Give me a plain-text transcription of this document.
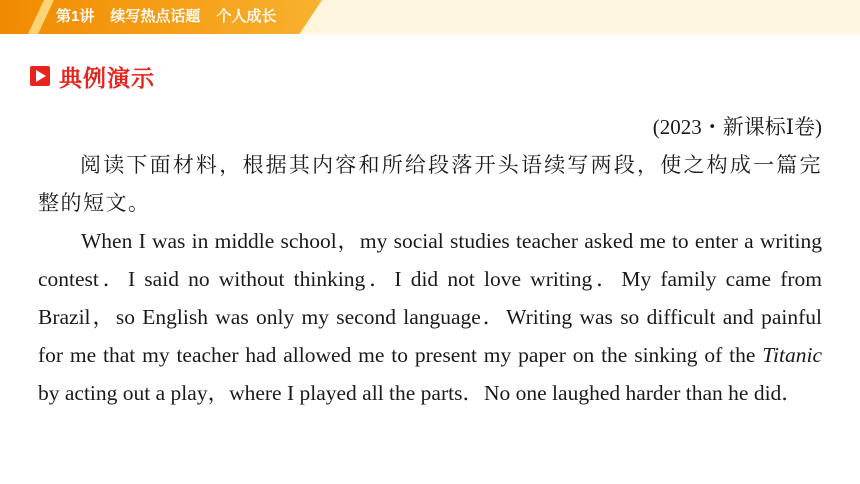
第1讲 续写热点话题 个人成长
典例演示
(2023・新课标Ⅰ卷)

阅读下面材料，根据其内容和所给段落开头语续写两段，使之构成一篇完整的短文。

When I was in middle school，my social studies teacher asked me to enter a writing contest．I said no without thinking．I did not love writing．My family came from Brazil，so English was only my second language．Writing was so difficult and painful for me that my teacher had allowed me to present my paper on the sinking of the Titanic by acting out a play，where I played all the parts．No one laughed harder than he did．
